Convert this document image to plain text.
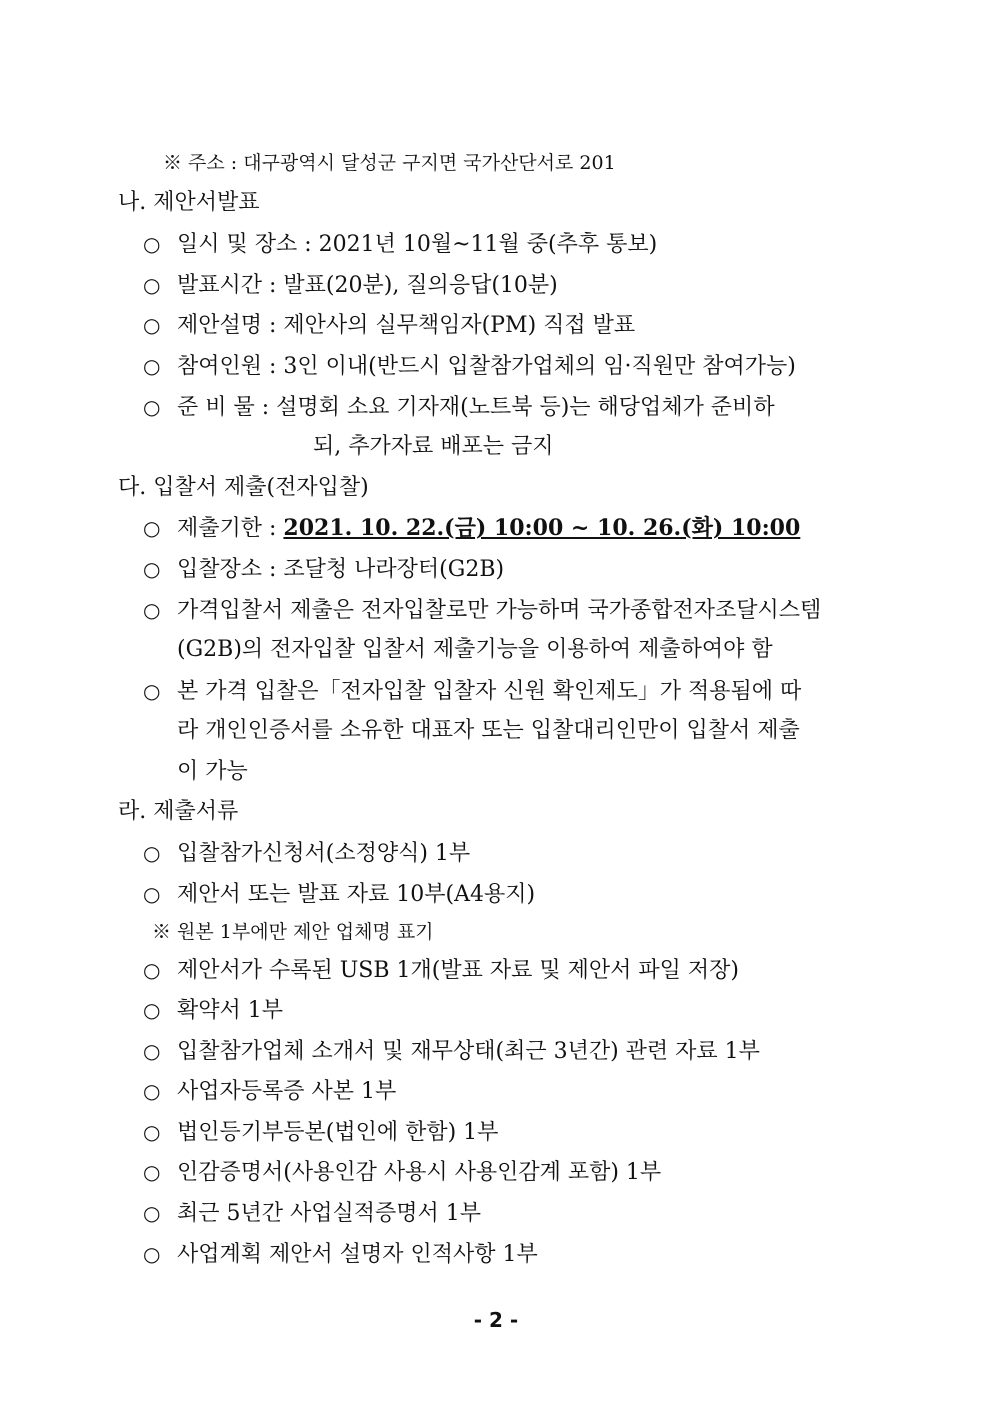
※ 주소 : 대구광역시 달성군 구지면 국가산단서로 201
나. 제안서발표
○일시 및 장소 : 2021년 10월~11월 중(추후 통보)
○발표시간 : 발표(20분), 질의응답(10분)
○제안설명 : 제안사의 실무책임자(PM) 직접 발표
○참여인원 : 3인 이내(반드시 입찰참가업체의 임·직원만 참여가능)
○준 비 물 : 설명회 소요 기자재(노트북 등)는 해당업체가 준비하
되, 추가자료 배포는 금지
다. 입찰서 제출(전자입찰)
○제출기한 : 2021. 10. 22.(금) 10:00 ~ 10. 26.(화) 10:00
○입찰장소 : 조달청 나라장터(G2B)
○가격입찰서 제출은 전자입찰로만 가능하며 국가종합전자조달시스템
(G2B)의 전자입찰 입찰서 제출기능을 이용하여 제출하여야 함
○본 가격 입찰은「전자입찰 입찰자 신원 확인제도」가 적용됨에 따
라 개인인증서를 소유한 대표자 또는 입찰대리인만이 입찰서 제출
이 가능
라. 제출서류
○입찰참가신청서(소정양식) 1부
○제안서 또는 발표 자료 10부(A4용지)
※ 원본 1부에만 제안 업체명 표기
○제안서가 수록된 USB 1개(발표 자료 및 제안서 파일 저장)
○확약서 1부
○입찰참가업체 소개서 및 재무상태(최근 3년간) 관련 자료 1부
○사업자등록증 사본 1부
○법인등기부등본(법인에 한함) 1부
○인감증명서(사용인감 사용시 사용인감계 포함) 1부
○최근 5년간 사업실적증명서 1부
○사업계획 제안서 설명자 인적사항 1부
- 2 -
